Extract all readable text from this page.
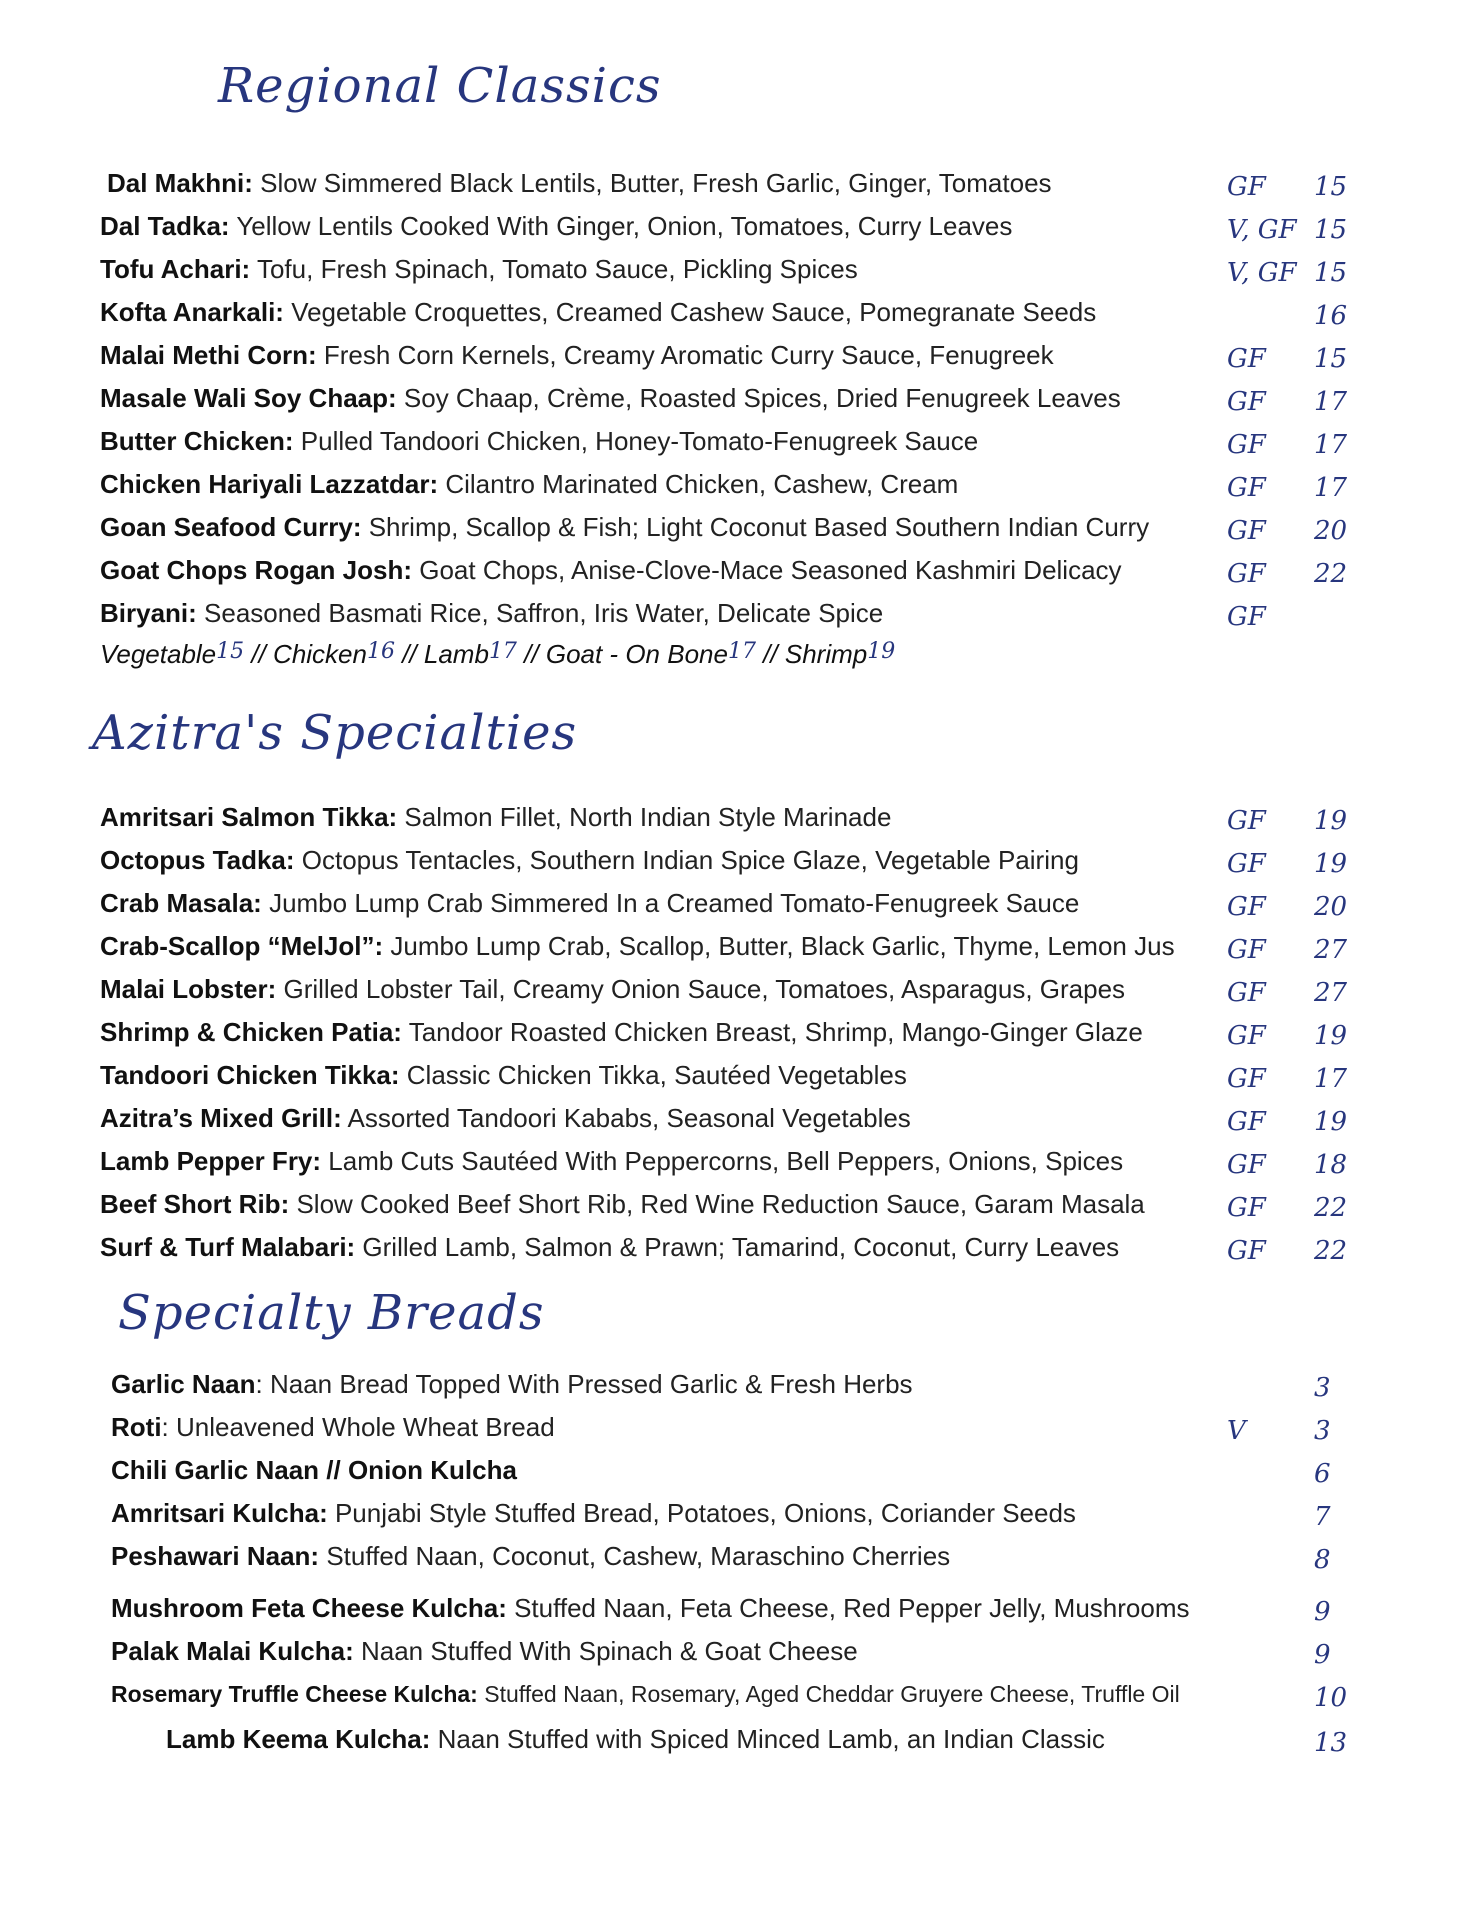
Regional Classics
Azitra's Specialties
Specialty Breads
Dal Makhni: Slow Simmered Black Lentils, Butter, Fresh Garlic, Ginger, Tomatoes	GF 15
Dal Tadka: Yellow Lentils Cooked With Ginger, Onion, Tomatoes, Curry Leaves	V, GF 15
Tofu Achari: Tofu, Fresh Spinach, Tomato Sauce, Pickling Spices	V, GF 15
Kofta Anarkali: Vegetable Croquettes, Creamed Cashew Sauce, Pomegranate Seeds	16
Malai Methi Corn: Fresh Corn Kernels, Creamy Aromatic Curry Sauce, Fenugreek	GF 15
Masale Wali Soy Chaap: Soy Chaap, Crème, Roasted Spices, Dried Fenugreek Leaves	GF 17
Butter Chicken: Pulled Tandoori Chicken, Honey-Tomato-Fenugreek Sauce	GF 17
Chicken Hariyali Lazzatdar: Cilantro Marinated Chicken, Cashew, Cream	GF 17
Goan Seafood Curry: Shrimp, Scallop & Fish; Light Coconut Based Southern Indian Curry	GF 20
Goat Chops Rogan Josh: Goat Chops, Anise-Clove-Mace Seasoned Kashmiri Delicacy	GF 22
Biryani: Seasoned Basmati Rice, Saffron, Iris Water, Delicate Spice	GF
Vegetable15 // Chicken16 // Lamb17 // Goat - On Bone17 // Shrimp19
Amritsari Salmon Tikka: Salmon Fillet, North Indian Style Marinade	GF 19
Octopus Tadka: Octopus Tentacles, Southern Indian Spice Glaze, Vegetable Pairing	GF 19
Crab Masala: Jumbo Lump Crab Simmered In a Creamed Tomato-Fenugreek Sauce	GF 20
Crab-Scallop “MelJol”: Jumbo Lump Crab, Scallop, Butter, Black Garlic, Thyme, Lemon Jus GF 27
Malai Lobster: Grilled Lobster Tail, Creamy Onion Sauce, Tomatoes, Asparagus, Grapes	GF 27
Shrimp & Chicken Patia: Tandoor Roasted Chicken Breast, Shrimp, Mango-Ginger Glaze	GF 19
Tandoori Chicken Tikka: Classic Chicken Tikka, Sautéed Vegetables	GF 17
Azitra’s Mixed Grill: Assorted Tandoori Kababs, Seasonal Vegetables	GF 19
Lamb Pepper Fry: Lamb Cuts Sautéed With Peppercorns, Bell Peppers, Onions, Spices	GF 18
Beef Short Rib: Slow Cooked Beef Short Rib, Red Wine Reduction Sauce, Garam Masala	GF 22
Surf & Turf Malabari: Grilled Lamb, Salmon & Prawn; Tamarind, Coconut, Curry Leaves	GF 22
Garlic Naan: Naan Bread Topped With Pressed Garlic & Fresh Herbs	3
Roti: Unleavened Whole Wheat Bread	V	3
Chili Garlic Naan // Onion Kulcha	6
Amritsari Kulcha: Punjabi Style Stuffed Bread, Potatoes, Onions, Coriander Seeds	7
Peshawari Naan: Stuffed Naan, Coconut, Cashew, Maraschino Cherries	8
Mushroom Feta Cheese Kulcha: Stuffed Naan, Feta Cheese, Red Pepper Jelly, Mushrooms	9
Palak Malai Kulcha: Naan Stuffed With Spinach & Goat Cheese	9
Rosemary Truffle Cheese Kulcha: Stuffed Naan, Rosemary, Aged Cheddar Gruyere Cheese, Truffle Oil	10
Lamb Keema Kulcha: Naan Stuffed with Spiced Minced Lamb, an Indian Classic	13
